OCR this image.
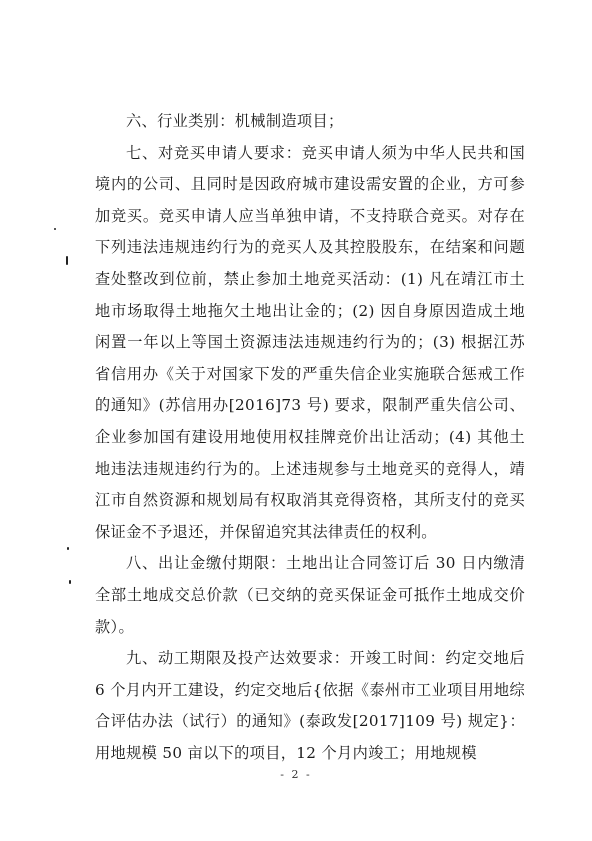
六、行业类别：机械制造项目；

七、对竞买申请人要求：竞买申请人须为中华人民共和国境内的公司、且同时是因政府城市建设需安置的企业，方可参加竞买。竞买申请人应当单独申请，不支持联合竞买。对存在下列违法违规违约行为的竞买人及其控股股东，在结案和问题查处整改到位前，禁止参加土地竞买活动：(1) 凡在靖江市土地市场取得土地拖欠土地出让金的；(2) 因自身原因造成土地闲置一年以上等国土资源违法违规违约行为的；(3) 根据江苏省信用办《关于对国家下发的严重失信企业实施联合惩戒工作的通知》(苏信用办[2016]73 号) 要求，限制严重失信公司、企业参加国有建设用地使用权挂牌竞价出让活动；(4) 其他土地违法违规违约行为的。上述违规参与土地竞买的竞得人，靖江市自然资源和规划局有权取消其竞得资格，其所支付的竞买保证金不予退还，并保留追究其法律责任的权利。

八、出让金缴付期限：土地出让合同签订后 30 日内缴清全部土地成交总价款（已交纳的竞买保证金可抵作土地成交价款）。

九、动工期限及投产达效要求：开竣工时间：约定交地后 6 个月内开工建设，约定交地后{依据《泰州市工业项目用地综合评估办法（试行）的通知》(泰政发[2017]109 号) 规定}：用地规模 50 亩以下的项目，12 个月内竣工；用地规模

- 2 -
